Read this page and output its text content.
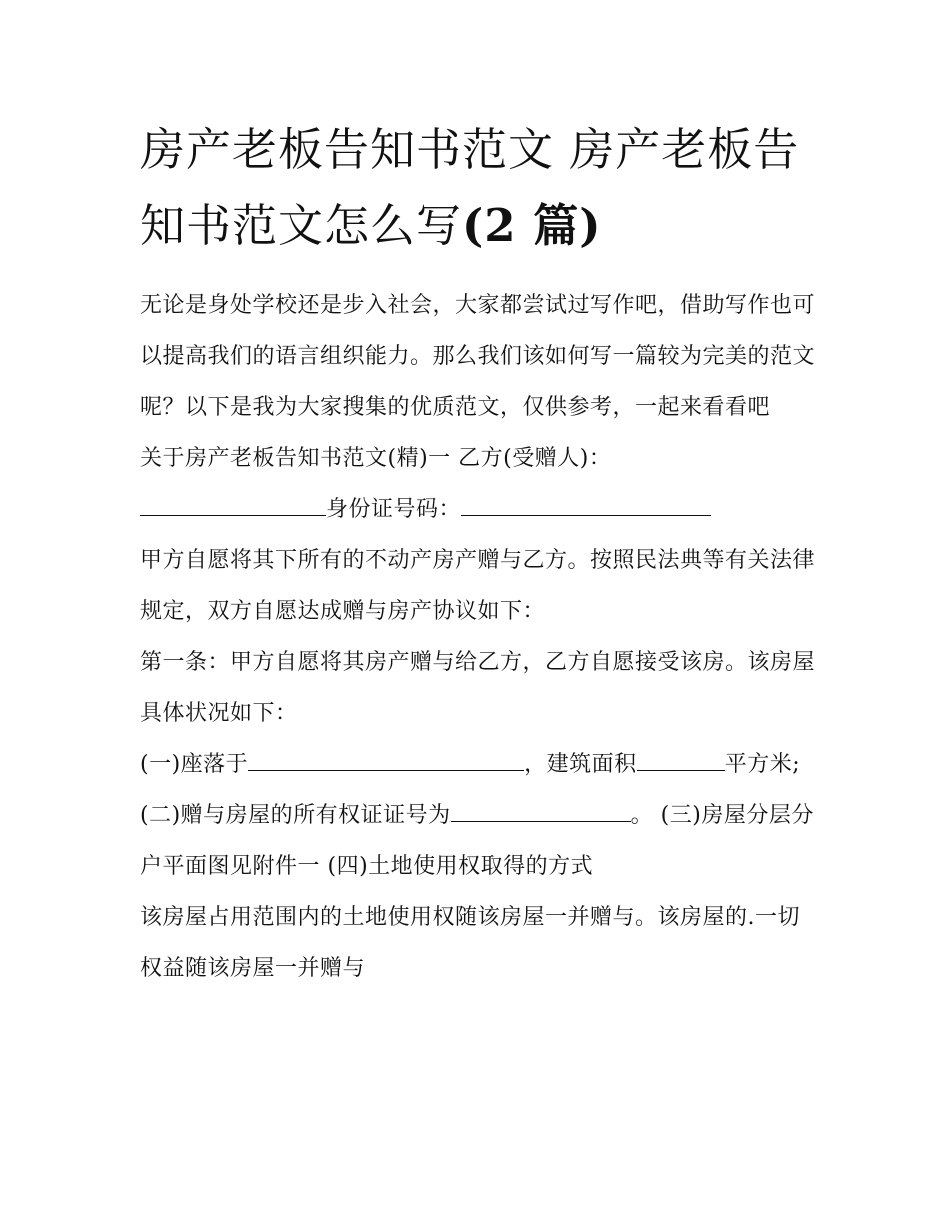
房产老板告知书范文 房产老板告知书范文怎么写(2 篇)

无论是身处学校还是步入社会，大家都尝试过写作吧，借助写作也可以提高我们的语言组织能力。那么我们该如何写一篇较为完美的范文呢？以下是我为大家搜集的优质范文，仅供参考，一起来看看吧

关于房产老板告知书范文(精)一 乙方(受赠人)：

身份证号码：

甲方自愿将其下所有的不动产房产赠与乙方。按照民法典等有关法律规定，双方自愿达成赠与房产协议如下：

第一条：甲方自愿将其房产赠与给乙方，乙方自愿接受该房。该房屋具体状况如下：

(一)座落于	，建筑面积	平方米;

(二)赠与房屋的所有权证证号为	。 (三)房屋分层分户平面图见附件一 (四)土地使用权取得的方式

该房屋占用范围内的土地使用权随该房屋一并赠与。该房屋的.一切权益随该房屋一并赠与
